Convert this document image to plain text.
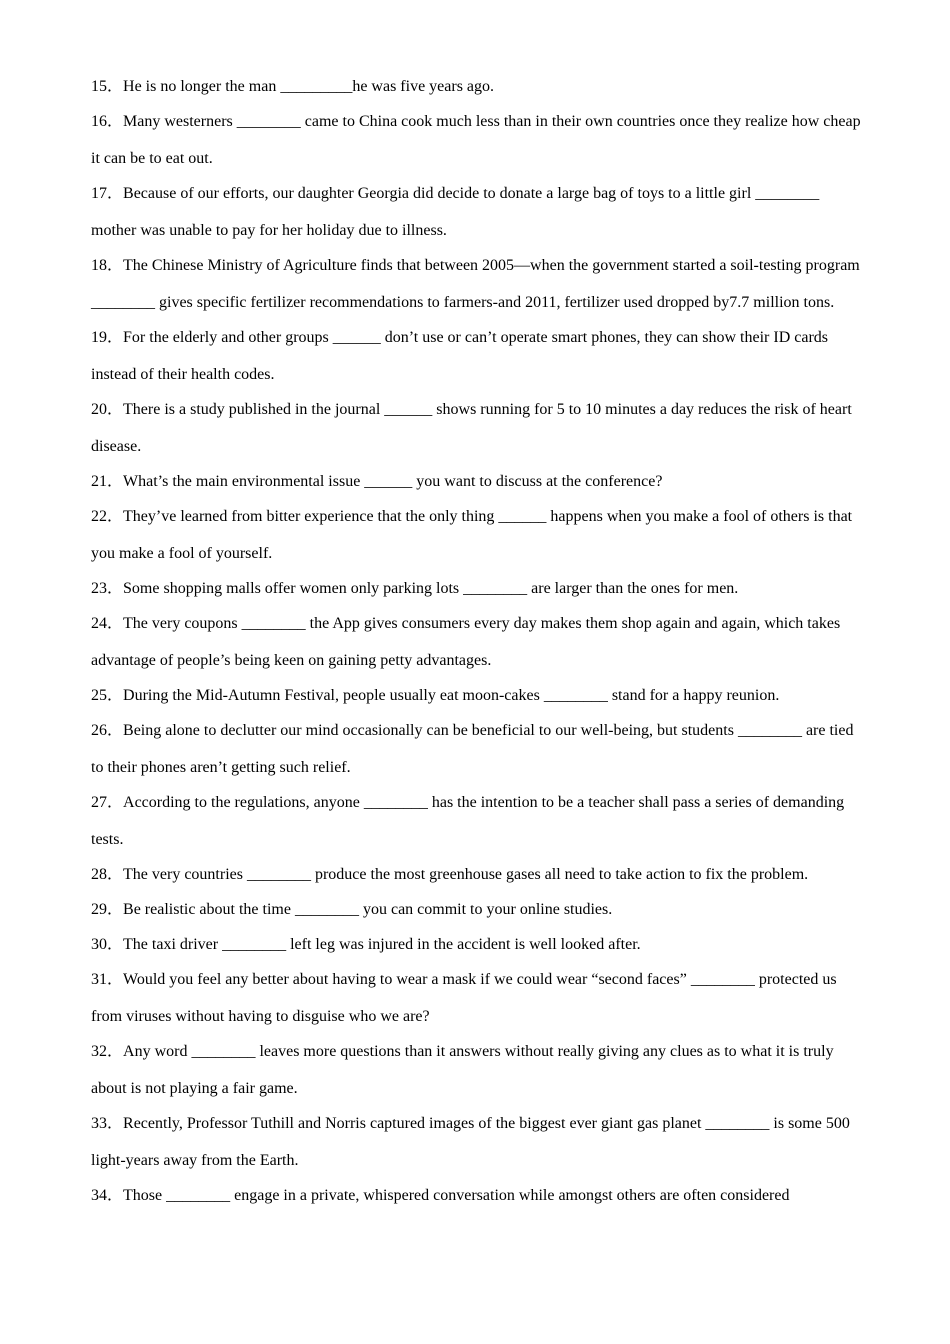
15．He is no longer the man _________he was five years ago.

16．Many westerners ________ came to China cook much less than in their own countries once they realize how cheap it can be to eat out.

17．Because of our efforts, our daughter Georgia did decide to donate a large bag of toys to a little girl ________ mother was unable to pay for her holiday due to illness.

18．The Chinese Ministry of Agriculture finds that between 2005—when the government started a soil-testing program ________ gives specific fertilizer recommendations to farmers-and 2011, fertilizer used dropped by7.7 million tons.

19．For the elderly and other groups ______ don’t use or can’t operate smart phones, they can show their ID cards instead of their health codes.

20．There is a study published in the journal ______ shows running for 5 to 10 minutes a day reduces the risk of heart disease.

21．What’s the main environmental issue ______ you want to discuss at the conference?

22．They’ve learned from bitter experience that the only thing ______ happens when you make a fool of others is that you make a fool of yourself.

23．Some shopping malls offer women only parking lots ________ are larger than the ones for men.

24．The very coupons ________ the App gives consumers every day makes them shop again and again, which takes advantage of people’s being keen on gaining petty advantages.

25．During the Mid-Autumn Festival, people usually eat moon-cakes ________ stand for a happy reunion.

26．Being alone to declutter our mind occasionally can be beneficial to our well-being, but students ________ are tied to their phones aren’t getting such relief.

27．According to the regulations, anyone ________ has the intention to be a teacher shall pass a series of demanding tests.

28．The very countries ________ produce the most greenhouse gases all need to take action to fix the problem.

29．Be realistic about the time ________ you can commit to your online studies.

30．The taxi driver ________ left leg was injured in the accident is well looked after.

31．Would you feel any better about having to wear a mask if we could wear “second faces” ________ protected us from viruses without having to disguise who we are?

32．Any word ________ leaves more questions than it answers without really giving any clues as to what it is truly about is not playing a fair game.

33．Recently, Professor Tuthill and Norris captured images of the biggest ever giant gas planet ________ is some 500 light-years away from the Earth.

34．Those ________ engage in a private, whispered conversation while amongst others are often considered
